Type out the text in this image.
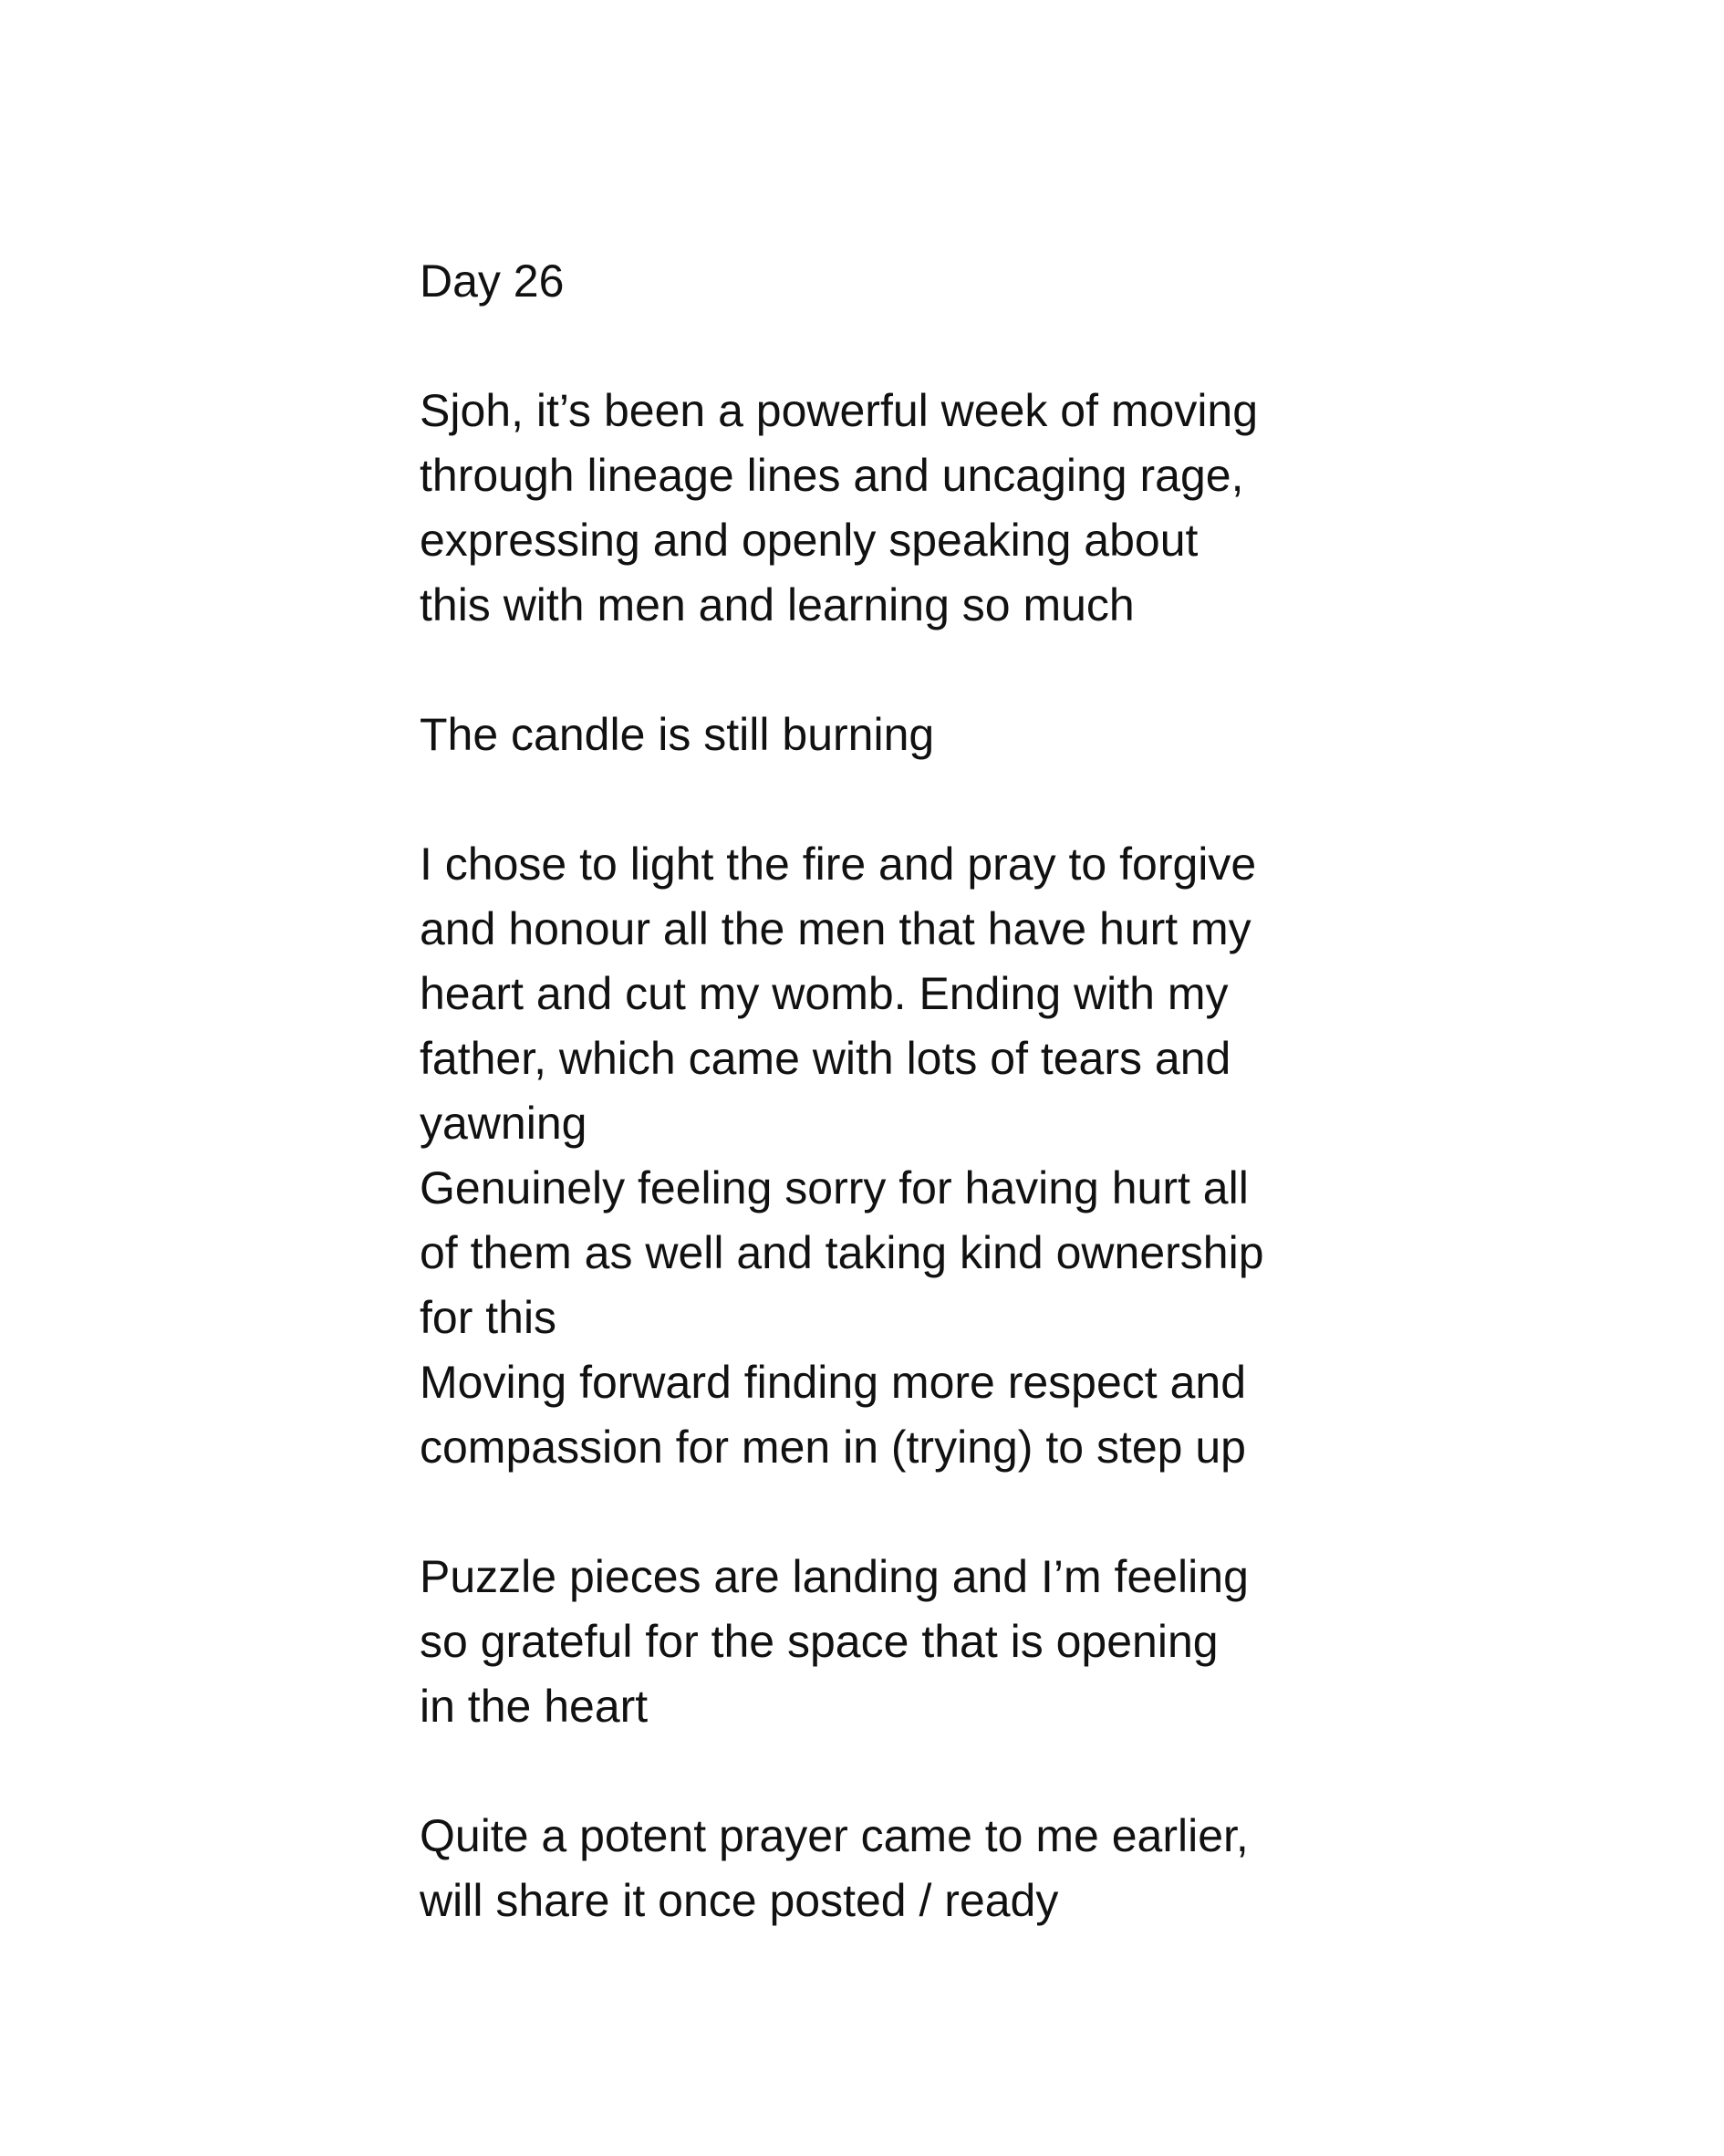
Day 26
Sjoh, it’s been a powerful week of moving
through lineage lines and uncaging rage,
expressing and openly speaking about
this with men and learning so much
The candle is still burning
I chose to light the fire and pray to forgive
and honour all the men that have hurt my
heart and cut my womb. Ending with my
father, which came with lots of tears and
yawning
Genuinely feeling sorry for having hurt all
of them as well and taking kind ownership
for this
Moving forward finding more respect and
compassion for men in (trying) to step up
Puzzle pieces are landing and I’m feeling
so grateful for the space that is opening
in the heart
Quite a potent prayer came to me earlier,
will share it once posted / ready
